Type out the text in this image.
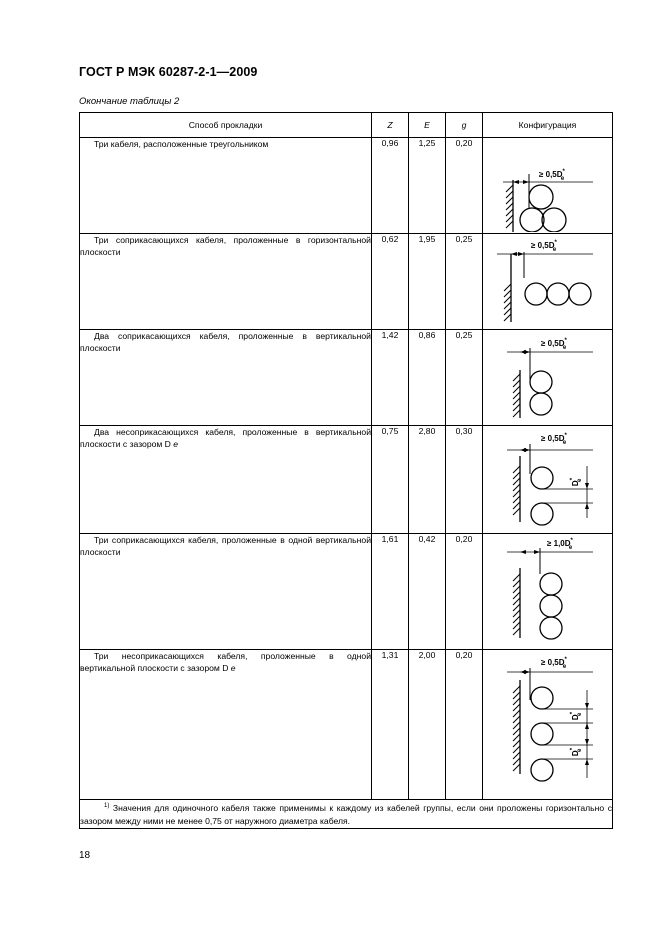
ГОСТ Р МЭК 60287-2-1—2009
Окончание таблицы 2
Способ прокладки	Z	E	g	Конфигурация
Три кабеля, расположенные треугольником	0,96	1,25	0,20	≥ 0,5D* e

Три соприкасающихся кабеля, проложенные в горизонтальной плоскости	0,62	1,95	0,25	≥ 0,5D* e

Два соприкасающихся кабеля, проложенные в вертикальной плоскости	1,42	0,86	0,25	≥ 0,5D* e

Два несоприкасающихся кабеля, проложенные в вертикальной плоскости с зазором D e	0,75	2,80	0,30	D*e
≥ 0,5D* e

Три соприкасающихся кабеля, проложенные в одной вертикальной плоскости	1,61	0,42	0,20	≥ 1,0D* e

Три несоприкасающихся кабеля, проложенные в одной вертикальной плоскости с зазором D e	1,31	2,00	0,20	D*e
D*e
≥ 0,5D* e

$^{1)}$ Значения для одиночного кабеля также применимы к каждому из кабелей группы, если они проложены горизонтально с зазором между ними не менее 0,75 от наружного диаметра кабеля.				
18
